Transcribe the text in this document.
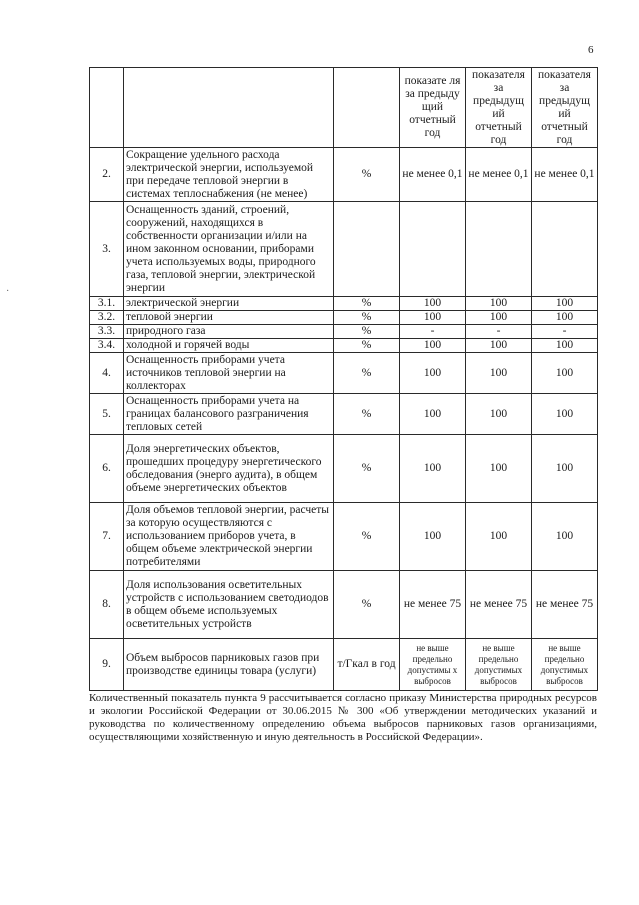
6
·
			показате ля за предыду щий отчетный год	показателя за предыдущ ий отчетный год	показателя за предыдущ ий отчетный год
2.	Сокращение удельного расхода электрической энергии, используемой при передаче тепловой энергии в системах теплоснабжения (не менее)	%	не менее 0,1	не менее 0,1	не менее 0,1
3.	Оснащенность зданий, строений, сооружений, находящихся в собственности организации и/или на ином законном основании, приборами учета используемых воды, природного газа, тепловой энергии, электрической энергии				
3.1.	электрической энергии	%	100	100	100
3.2.	тепловой энергии	%	100	100	100
3.3.	природного газа	%	-	-	-
3.4.	холодной и горячей воды	%	100	100	100
4.	Оснащенность приборами учета источников тепловой энергии на коллекторах	%	100	100	100
5.	Оснащенность приборами учета на границах балансового разграничения тепловых сетей	%	100	100	100
6.	Доля энергетических объектов, прошедших процедуру энергетического обследования (энерго аудита), в общем объеме энергетических объектов	%	100	100	100
7.	Доля объемов тепловой энергии, расчеты за которую осуществляются с использованием приборов учета, в общем объеме электрической энергии потребителями	%	100	100	100
8.	Доля использования осветительных устройств с использованием светодиодов в общем объеме используемых осветительных устройств	%	не менее 75	не менее 75	не менее 75
9.	Объем выбросов парниковых газов при производстве единицы товара (услуги)	т/Гкал в год	не выше предельно допустимы х выбросов	не выше предельно допустимых выбросов	не выше предельно допустимых выбросов
Количественный показатель пункта 9 рассчитывается согласно приказу Министерства природных ресурсов и экологии Российской Федерации от 30.06.2015 № 300 «Об утверждении методических указаний и руководства по количественному определению объема выбросов парниковых газов организациями, осуществляющими хозяйственную и иную деятельность в Российской Федерации».
